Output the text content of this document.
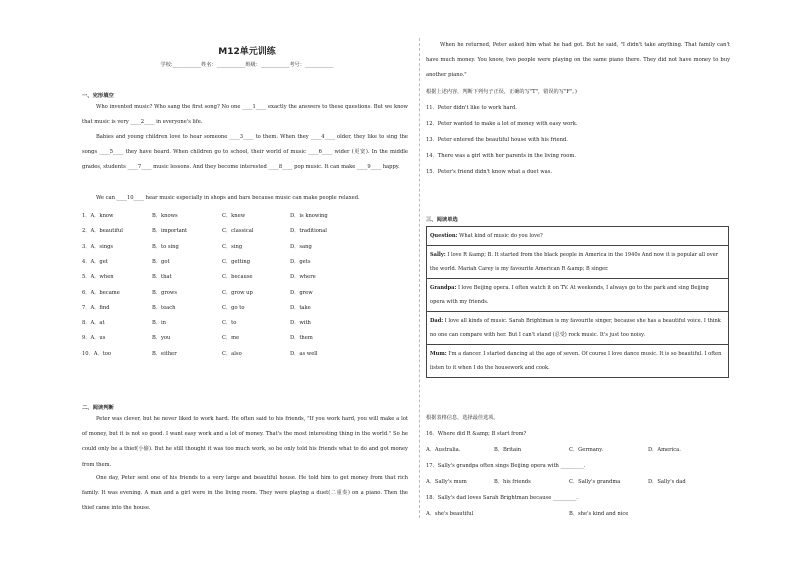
M12单元训练
学校:___________姓名：___________班级：___________考号：___________
一、完形填空
Who invented music? Who sang the first song? No one ____1____ exactly the answers to these questions. But we know that music is very ____2____ in everyone's life.
Babies and young children love to hear someone ____3____ to them. When they ____4____ older, they like to sing the songs ____5____ they have heard. When children go to school, their world of music ____6____ wider (更宽). In the middle grades, students ____7____ music lessons. And they become interested ____8____ pop music. It can make ____9____ happy.
We can ____10____ hear music especially in shops and bars because music can make people relaxed.
1．A．know	B．knows	C．knew	D．is knowing
2．A．beautiful	B．important	C．classical	D．traditional
3．A．sings	B．to sing	C．sing	D．sang
4．A．get	B．got	C．getting	D．gets
5．A．when	B．that	C．because	D．where
6．A．became	B．grows	C．grow up	D．grew
7．A．find	B．teach	C．go to	D．take
8．A．at	B．in	C．to	D．with
9．A．us	B．you	C．me	D．them
10．A．too	B．either	C．also	D．as well
二、阅读判断
Peter was clever, but he never liked to work hard. He often said to his friends, "If you work hard, you will make a lot of money, but it is not so good. I want easy work and a lot of money. That's the most interesting thing in the world." So he could only be a thief(小偷). But he still thought it was too much work, so he only told his friends what to do and got money from them.
One day, Peter sent one of his friends to a very large and beautiful house. He told him to get money from that rich family. It was evening. A man and a girl were in the living room. They were playing a duet(二重奏) on a piano. Then the thief came into the house.
When he returned, Peter asked him what he had got. But he said, "I didn't take anything. That family can't have much money. You know, two people were playing on the same piano there. They did not have money to buy another piano."
根据上述内容，判断下列句子正误，正确的写"T"，错误的写"F"。)
11．Peter didn't like to work hard.
12．Peter wanted to make a lot of money with easy work.
13．Peter entered the beautiful house with his friend.
14．There was a girl with her parents in the living room.
15．Peter's friend didn't know what a duet was.
三、阅读单选
Question: What kind of music do you love?
Sally: I love R &amp; B. It started from the black people in America in the 1940s And now it is popular all over the world. Mariah Carey is my favourite American R &amp; B singer.
Grandpa: I love Beijing opera. I often watch it on TV. At weekends, I always go to the park and sing Beijing opera with my friends.
Dad: I love all kinds of music. Sarah Brightman is my favourite singer, because she has a beautiful voice. I think no one can compare with her. But I can't stand (忍受) rock music. It's just too noisy.
Mum: I'm a dancer. I started dancing at the age of seven. Of course I love dance music. It is so beautiful. I often listen to it when I do the housework and cook.
根据表格信息，选择最佳选项。
16．Where did R &amp; B start from?
A．Australia.	B．Britain	C．Germany.	D．America.
17．Sally's grandpa often sings Beijing opera with _________.
A．Sally's mum	B．his friends	C．Sally's grandma	D．Sally's dad
18．Sally's dad loves Sarah Brightman because _________.
A．she's beautiful	B．she's kind and nice
